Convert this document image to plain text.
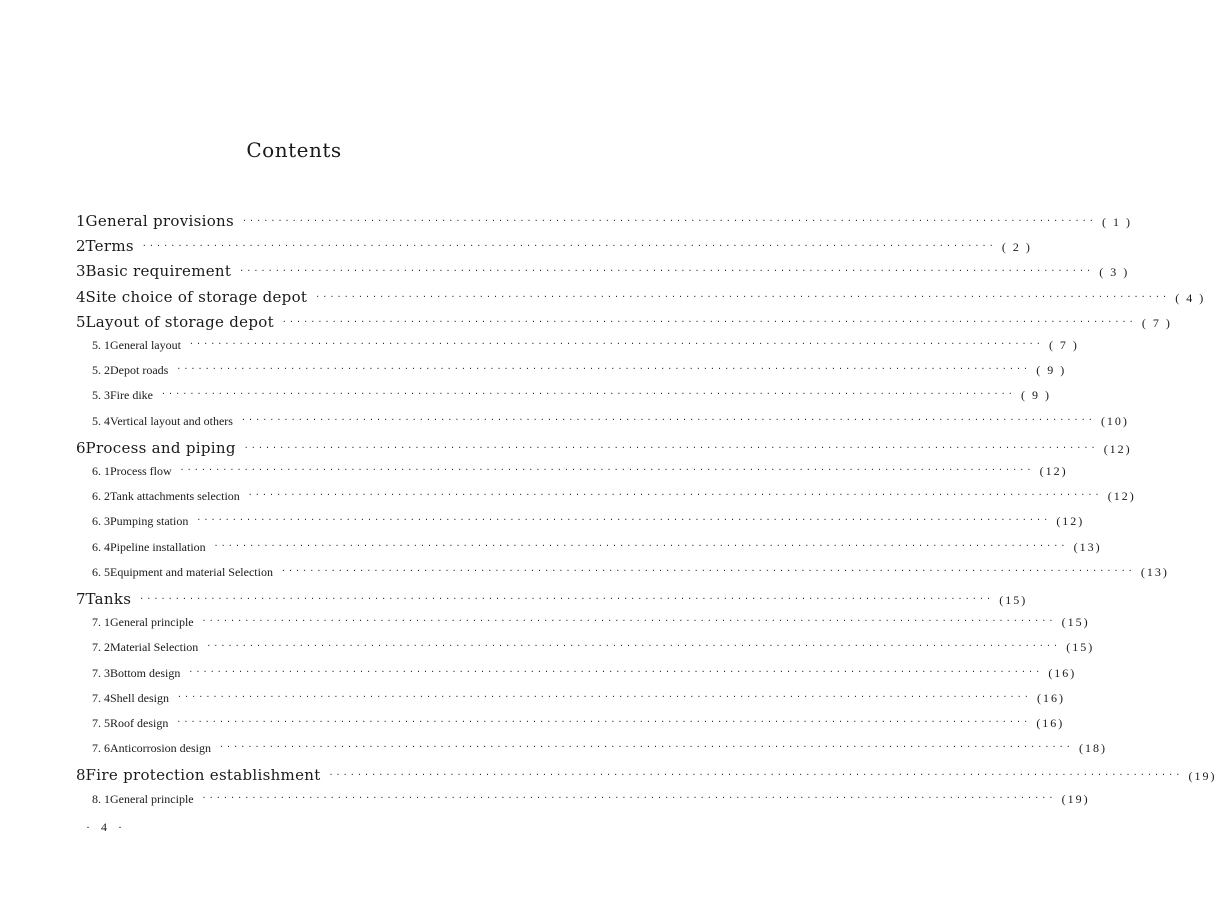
Contents
1 General provisions	························································································································ ( 1 )
2 Terms	························································································································ ( 2 )
3 Basic requirement	························································································································ ( 3 )
4 Site choice of storage depot	························································································································ ( 4 )
5 Layout of storage depot	························································································································ ( 7 )
5. 1 General layout	························································································································ ( 7 )
5. 2 Depot roads	························································································································ ( 9 )
5. 3 Fire dike	························································································································ ( 9 )
5. 4 Vertical layout and others	························································································································ (10)
6 Process and piping	························································································································ (12)
6. 1 Process flow	························································································································ (12)
6. 2 Tank attachments selection	························································································································ (12)
6. 3 Pumping station	························································································································ (12)
6. 4 Pipeline installation	························································································································ (13)
6. 5 Equipment and material Selection	························································································································ (13)
7 Tanks	························································································································ (15)
7. 1 General principle	························································································································ (15)
7. 2 Material Selection	························································································································ (15)
7. 3 Bottom design	························································································································ (16)
7. 4 Shell design	························································································································ (16)
7. 5 Roof design	························································································································ (16)
7. 6 Anticorrosion design	························································································································ (18)
8 Fire protection establishment	························································································································ (19)
8. 1 General principle	························································································································ (19)
· 4 ·
